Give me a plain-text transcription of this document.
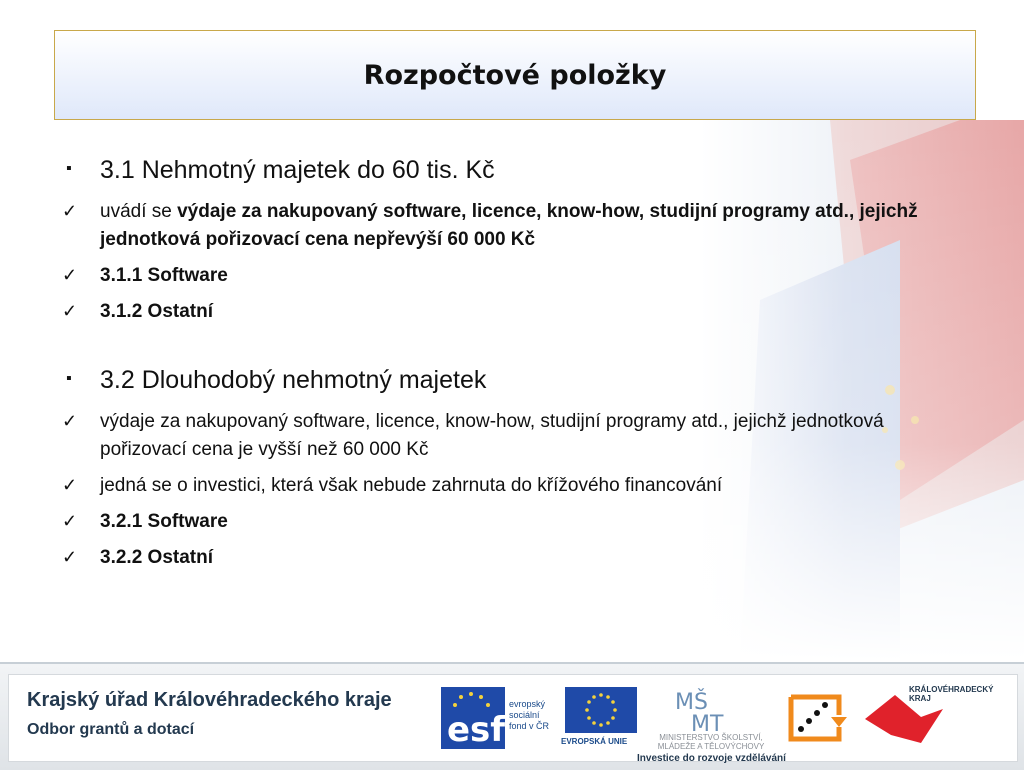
Rozpočtové položky
▪	3.1 Nehmotný majetek do 60 tis. Kč
✓	uvádí se výdaje za nakupovaný software, licence, know-how, studijní programy atd., jejichž jednotková pořizovací cena nepřevýší 60 000 Kč
✓	3.1.1 Software
✓	3.1.2 Ostatní
▪	3.2 Dlouhodobý nehmotný majetek
✓	výdaje za nakupovaný software, licence, know-how, studijní programy atd., jejichž jednotková pořizovací cena je vyšší než 60 000 Kč
✓	jedná se o investici, která však nebude zahrnuta do křížového financování
✓	3.2.1 Software
✓	3.2.2 Ostatní
Krajský úřad Královéhradeckého kraje
Odbor grantů a dotací	esf
evropský
sociální
fond v ČR
EVROPSKÁ UNIE
MŠ
MT
MINISTERSTVO ŠKOLSTVÍ,
MLÁDEŽE A TĚLOVÝCHOVY
Investice do rozvoje vzdělávání
KRÁLOVÉHRADECKÝ
KRAJ
